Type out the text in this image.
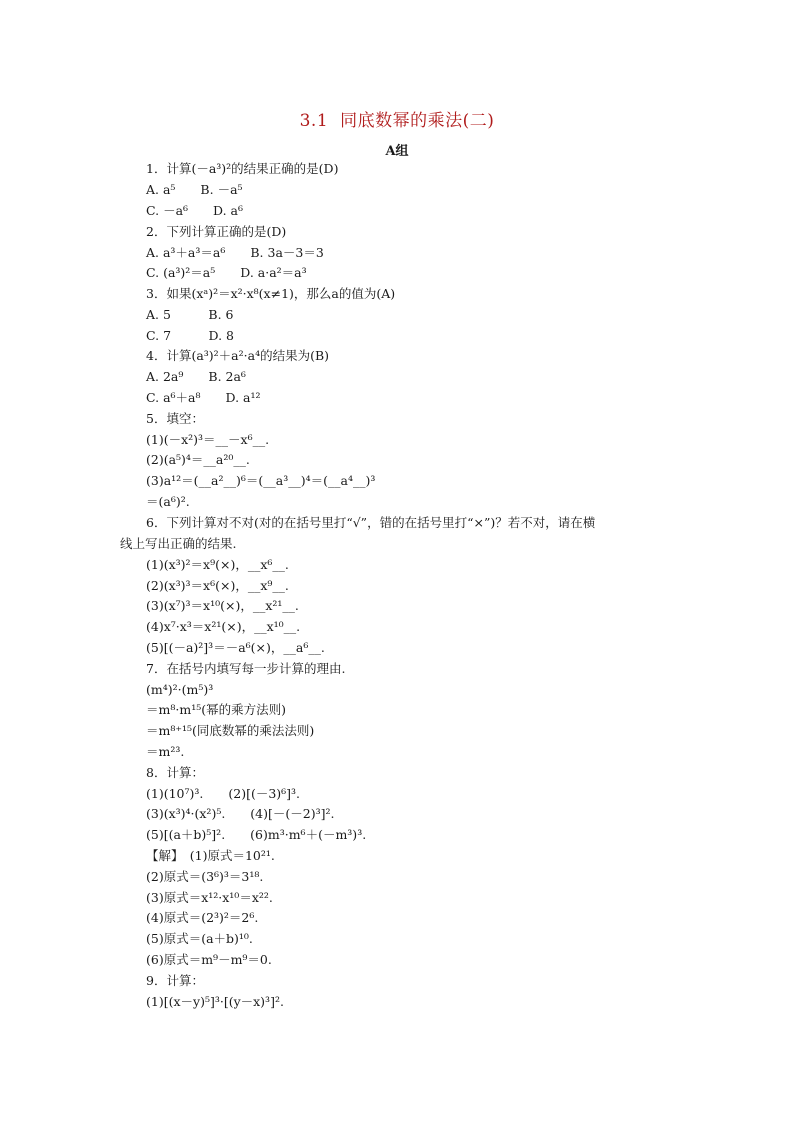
3.1 同底数幂的乘法(二)
A组
1．计算(－a³)²的结果正确的是(D)
A. a⁵　　B. －a⁵
C. －a⁶　　D. a⁶
2．下列计算正确的是(D)
A. a³＋a³＝a⁶　　B. 3a－3＝3
C. (a³)²＝a⁵　　D. a·a²＝a³
3．如果(xᵃ)²＝x²·x⁸(x≠1)，那么a的值为(A)
A. 5　　　B. 6
C. 7　　　D. 8
4．计算(a³)²＋a²·a⁴的结果为(B)
A. 2a⁹　　B. 2a⁶
C. a⁶＋a⁸　　D. a¹²
5．填空：
(1)(－x²)³＝__－x⁶__.
(2)(a⁵)⁴＝__a²⁰__.
(3)a¹²＝(__a²__)⁶＝(__a³__)⁴＝(__a⁴__)³
＝(a⁶)².
6．下列计算对不对(对的在括号里打“√”，错的在括号里打“×”)？若不对，请在横
线上写出正确的结果.
(1)(x³)²＝x⁹(×)，__x⁶__.
(2)(x³)³＝x⁶(×)，__x⁹__.
(3)(x⁷)³＝x¹⁰(×)，__x²¹__.
(4)x⁷·x³＝x²¹(×)，__x¹⁰__.
(5)[(－a)²]³＝－a⁶(×)，__a⁶__.
7．在括号内填写每一步计算的理由.
(m⁴)²·(m⁵)³
＝m⁸·m¹⁵(幂的乘方法则)
＝m⁸⁺¹⁵(同底数幂的乘法法则)
＝m²³.
8．计算：
(1)(10⁷)³.　　(2)[(－3)⁶]³.
(3)(x³)⁴·(x²)⁵.　　(4)[－(－2)³]².
(5)[(a＋b)⁵]².　　(6)m³·m⁶＋(－m³)³.
【解】　(1)原式＝10²¹.
(2)原式＝(3⁶)³＝3¹⁸.
(3)原式＝x¹²·x¹⁰＝x²².
(4)原式＝(2³)²＝2⁶.
(5)原式＝(a＋b)¹⁰.
(6)原式＝m⁹－m⁹＝0.
9．计算：
(1)[(x－y)⁵]³·[(y－x)³]².
